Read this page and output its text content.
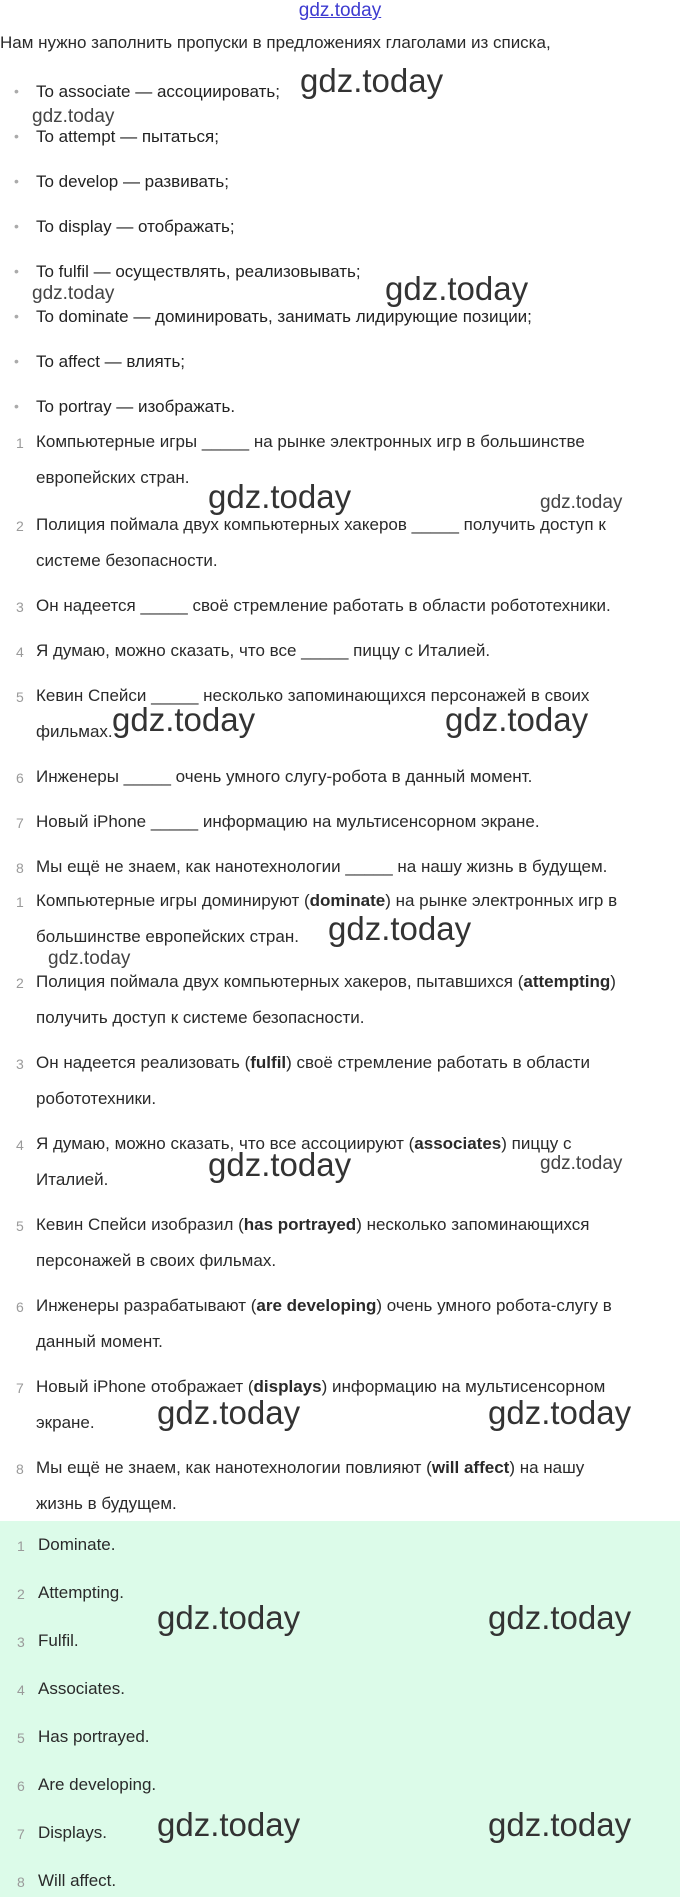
gdz.today
Нам нужно заполнить пропуски в предложениях глаголами из списка,
• To associate — ассоциировать;
• To attempt — пытаться;
• To develop — развивать;
• To display — отображать;
• To fulfil — осуществлять, реализовывать;
• To dominate — доминировать, занимать лидирующие позиции;
• To affect — влиять;
• To portray — изображать.
1 Компьютерные игры _____ на рынке электронных игр в большинстве
европейских стран.
2 Полиция поймала двух компьютерных хакеров _____ получить доступ к
системе безопасности.
3 Он надеется _____ своё стремление работать в области робототехники.
4 Я думаю, можно сказать, что все _____ пиццу с Италией.
5 Кевин Спейси _____ несколько запоминающихся персонажей в своих
фильмах.
6 Инженеры _____ очень умного слугу-робота в данный момент.
7 Новый iPhone _____ информацию на мультисенсорном экране.
8 Мы ещё не знаем, как нанотехнологии _____ на нашу жизнь в будущем.
1 Компьютерные игры доминируют (dominate) на рынке электронных игр в
большинстве европейских стран.
2 Полиция поймала двух компьютерных хакеров, пытавшихся (attempting)
получить доступ к системе безопасности.
3 Он надеется реализовать (fulfil) своё стремление работать в области
робототехники.
4 Я думаю, можно сказать, что все ассоциируют (associates) пиццу с
Италией.
5 Кевин Спейси изобразил (has portrayed) несколько запоминающихся
персонажей в своих фильмах.
6 Инженеры разрабатывают (are developing) очень умного робота-слугу в
данный момент.
7 Новый iPhone отображает (displays) информацию на мультисенсорном
экране.
8 Мы ещё не знаем, как нанотехнологии повлияют (will affect) на нашу
жизнь в будущем.
1 Dominate.
2 Attempting.
3 Fulfil.
4 Associates.
5 Has portrayed.
6 Are developing.
7 Displays.
8 Will affect.
gdz.today
gdz.today
gdz.today
gdz.today
gdz.today	gdz.today
gdz.today	gdz.today
gdz.today
gdz.today
gdz.today	gdz.today
gdz.today	gdz.today
gdz.today	gdz.today
gdz.today	gdz.today
